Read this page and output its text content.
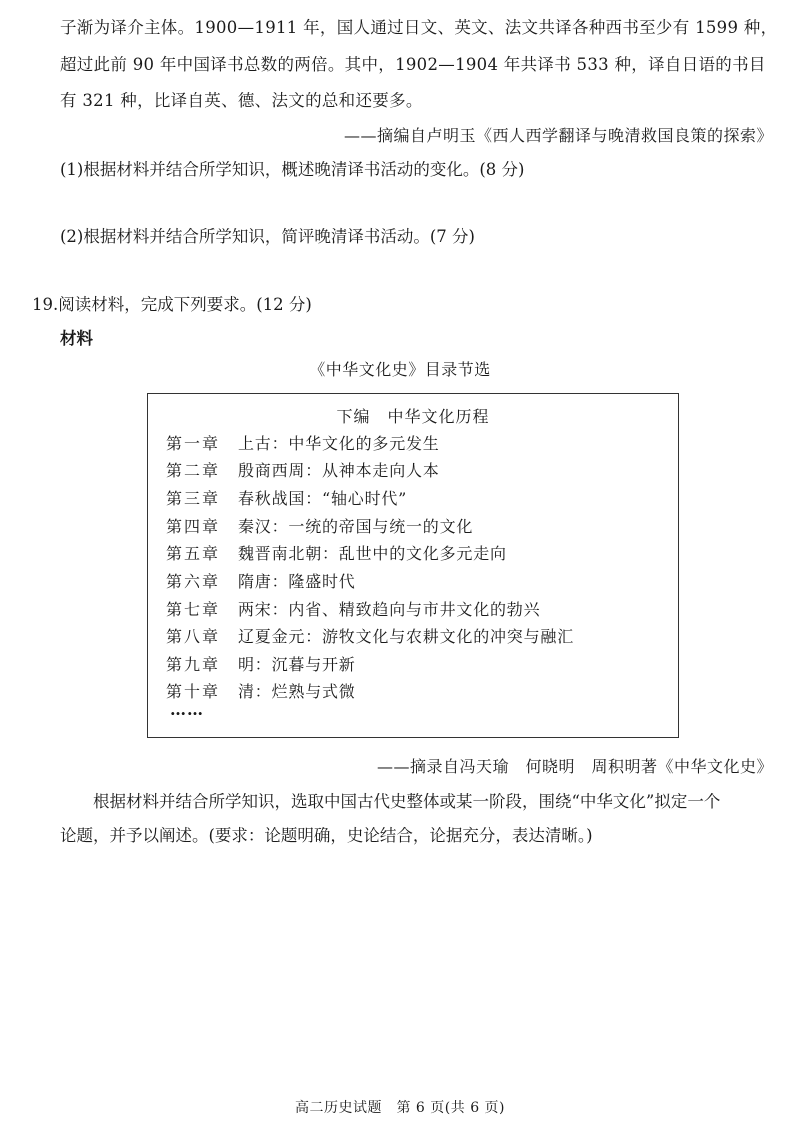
子渐为译介主体。1900—1911 年，国人通过日文、英文、法文共译各种西书至少有 1599 种，
超过此前 90 年中国译书总数的两倍。其中，1902—1904 年共译书 533 种，译自日语的书目
有 321 种，比译自英、德、法文的总和还要多。
——摘编自卢明玉《西人西学翻译与晚清救国良策的探索》
(1)根据材料并结合所学知识，概述晚清译书活动的变化。(8 分)
(2)根据材料并结合所学知识，简评晚清译书活动。(7 分)
19.阅读材料，完成下列要求。(12 分)
材料
《中华文化史》目录节选
下编　中华文化历程
第一章 上古：中华文化的多元发生
第二章 殷商西周：从神本走向人本
第三章 春秋战国：“轴心时代”
第四章 秦汉：一统的帝国与统一的文化
第五章 魏晋南北朝：乱世中的文化多元走向
第六章 隋唐：隆盛时代
第七章 两宋：内省、精致趋向与市井文化的勃兴
第八章 辽夏金元：游牧文化与农耕文化的冲突与融汇
第九章 明：沉暮与开新
第十章 清：烂熟与式微
……
——摘录自冯天瑜　何晓明　周积明著《中华文化史》
　　根据材料并结合所学知识，选取中国古代史整体或某一阶段，围绕“中华文化”拟定一个
论题，并予以阐述。(要求：论题明确，史论结合，论据充分，表达清晰。)
高二历史试题　第 6 页(共 6 页)
